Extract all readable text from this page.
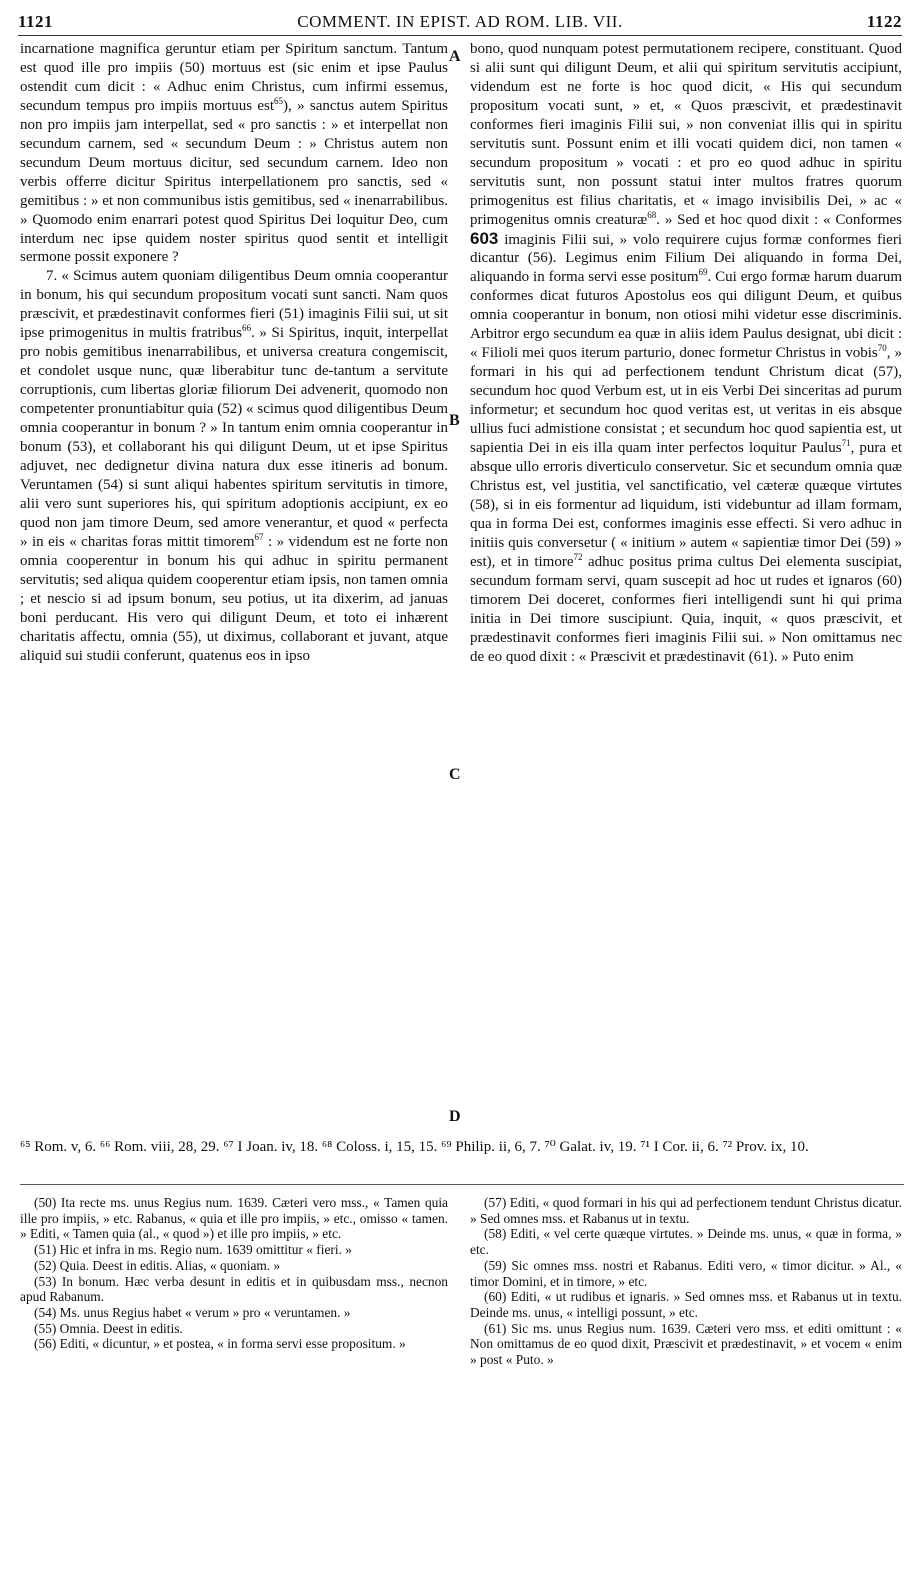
1121	COMMENT. IN EPIST. AD ROM. LIB. VII.	1122

incarnatione magnifica geruntur etiam per Spiritum sanctum. Tantum est quod ille pro impiis (50) mortuus est (sic enim et ipse Paulus ostendit cum dicit : « Adhuc enim Christus, cum infirmi essemus, secundum tempus pro impiis mortuus est$^{65}$), » sanctus autem Spiritus non pro impiis jam interpellat, sed « pro sanctis : » et interpellat non secundum carnem, sed « secundum Deum : » Christus autem non secundum Deum mortuus dicitur, sed secundum carnem. Ideo non verbis offerre dicitur Spiritus interpellationem pro sanctis, sed « gemitibus : » et non communibus istis gemitibus, sed « inenarrabilibus. » Quomodo enim enarrari potest quod Spiritus Dei loquitur Deo, cum interdum nec ipse quidem noster spiritus quod sentit et intelligit sermone possit exponere ?

7. « Scimus autem quoniam diligentibus Deum omnia cooperantur in bonum, his qui secundum propositum vocati sunt sancti. Nam quos præscivit, et prædestinavit conformes fieri (51) imaginis Filii sui, ut sit ipse primogenitus in multis fratribus$^{66}$. » Si Spiritus, inquit, interpellat pro nobis gemitibus inenarrabilibus, et universa creatura congemiscit, et condolet usque nunc, quæ liberabitur tunc de-tantum a servitute corruptionis, cum libertas gloriæ filiorum Dei advenerit, quomodo non competenter pronuntiabitur quia (52) « scimus quod diligentibus Deum omnia cooperantur in bonum ? » In tantum enim omnia cooperantur in bonum (53), et collaborant his qui diligunt Deum, ut et ipse Spiritus adjuvet, nec dedignetur divina natura dux esse itineris ad bonum. Veruntamen (54) si sunt aliqui habentes spiritum servitutis in timore, alii vero sunt superiores his, qui spiritum adoptionis accipiunt, ex eo quod non jam timore Deum, sed amore venerantur, et quod « perfecta » in eis « charitas foras mittit timorem$^{67}$ : » videndum est ne forte non omnia cooperentur in bonum his qui adhuc in spiritu permanent servitutis; sed aliqua quidem cooperentur etiam ipsis, non tamen omnia ; et nescio si ad ipsum bonum, seu potius, ut ita dixerim, ad januas boni perducant. His vero qui diligunt Deum, et toto ei inhærent charitatis affectu, omnia (55), ut diximus, collaborant et juvant, atque aliquid sui studii conferunt, quatenus eos in ipso

A
B
C
D

bono, quod nunquam potest permutationem recipere, constituant. Quod si alii sunt qui diligunt Deum, et alii qui spiritum servitutis accipiunt, videndum est ne forte is hoc quod dicit, « His qui secundum propositum vocati sunt, » et, « Quos præscivit, et prædestinavit conformes fieri imaginis Filii sui, » non conveniat illis qui in spiritu servitutis sunt. Possunt enim et illi vocati quidem dici, non tamen « secundum propositum » vocati : et pro eo quod adhuc in spiritu servitutis sunt, non possunt statui inter multos fratres quorum primogenitus est filius charitatis, et « imago invisibilis Dei, » ac « primogenitus omnis creaturæ$^{68}$. » Sed et hoc quod dixit : « Conformes 603 imaginis Filii sui, » volo requirere cujus formæ conformes fieri dicantur (56). Legimus enim Filium Dei aliquando in forma Dei, aliquando in forma servi esse positum$^{69}$. Cui ergo formæ harum duarum conformes dicat futuros Apostolus eos qui diligunt Deum, et quibus omnia cooperantur in bonum, non otiosi mihi videtur esse discriminis. Arbitror ergo secundum ea quæ in aliis idem Paulus designat, ubi dicit : « Filioli mei quos iterum parturio, donec formetur Christus in vobis$^{70}$, » formari in his qui ad perfectionem tendunt Christum dicat (57), secundum hoc quod Verbum est, ut in eis Verbi Dei sinceritas ad purum informetur; et secundum hoc quod veritas est, ut veritas in eis absque ullius fuci admistione consistat ; et secundum hoc quod sapientia est, ut sapientia Dei in eis illa quam inter perfectos loquitur Paulus$^{71}$, pura et absque ullo erroris diverticulo conservetur. Sic et secundum omnia quæ Christus est, vel justitia, vel sanctificatio, vel cæteræ quæque virtutes (58), si in eis formentur ad liquidum, isti videbuntur ad illam formam, qua in forma Dei est, conformes imaginis esse effecti. Si vero adhuc in initiis quis conversetur ( « initium » autem « sapientiæ timor Dei (59) » est), et in timore$^{72}$ adhuc positus prima cultus Dei elementa suscipiat, secundum formam servi, quam suscepit ad hoc ut rudes et ignaros (60) timorem Dei doceret, conformes fieri intelligendi sunt hi qui prima initia in Dei timore suscipiunt. Quia, inquit, « quos præscivit, et prædestinavit conformes fieri imaginis Filii sui. » Non omittamus nec de eo quod dixit : « Præscivit et prædestinavit (61). » Puto enim

⁶⁵ Rom. v, 6. ⁶⁶ Rom. viii, 28, 29. ⁶⁷ I Joan. iv, 18. ⁶⁸ Coloss. i, 15, 15. ⁶⁹ Philip. ii, 6, 7. ⁷⁰ Galat. iv, 19. ⁷¹ I Cor. ii, 6. ⁷² Prov. ix, 10.

(50) Ita recte ms. unus Regius num. 1639. Cæteri vero mss., « Tamen quia ille pro impiis, » etc. Rabanus, « quia et ille pro impiis, » etc., omisso « tamen. » Editi, « Tamen quia (al., « quod ») et ille pro impiis, » etc.

(51) Hic et infra in ms. Regio num. 1639 omittitur « fieri. »

(52) Quia. Deest in editis. Alias, « quoniam. »

(53) In bonum. Hæc verba desunt in editis et in quibusdam mss., necnon apud Rabanum.

(54) Ms. unus Regius habet « verum » pro « veruntamen. »

(55) Omnia. Deest in editis.

(56) Editi, « dicuntur, » et postea, « in forma servi esse propositum. »

(57) Editi, « quod formari in his qui ad perfectionem tendunt Christus dicatur. » Sed omnes mss. et Rabanus ut in textu.

(58) Editi, « vel certe quæque virtutes. » Deinde ms. unus, « quæ in forma, » etc.

(59) Sic omnes mss. nostri et Rabanus. Editi vero, « timor dicitur. » Al., « timor Domini, et in timore, » etc.

(60) Editi, « ut rudibus et ignaris. » Sed omnes mss. et Rabanus ut in textu. Deinde ms. unus, « intelligi possunt, » etc.

(61) Sic ms. unus Regius num. 1639. Cæteri vero mss. et editi omittunt : « Non omittamus de eo quod dixit, Præscivit et prædestinavit, » et vocem « enim » post « Puto. »
